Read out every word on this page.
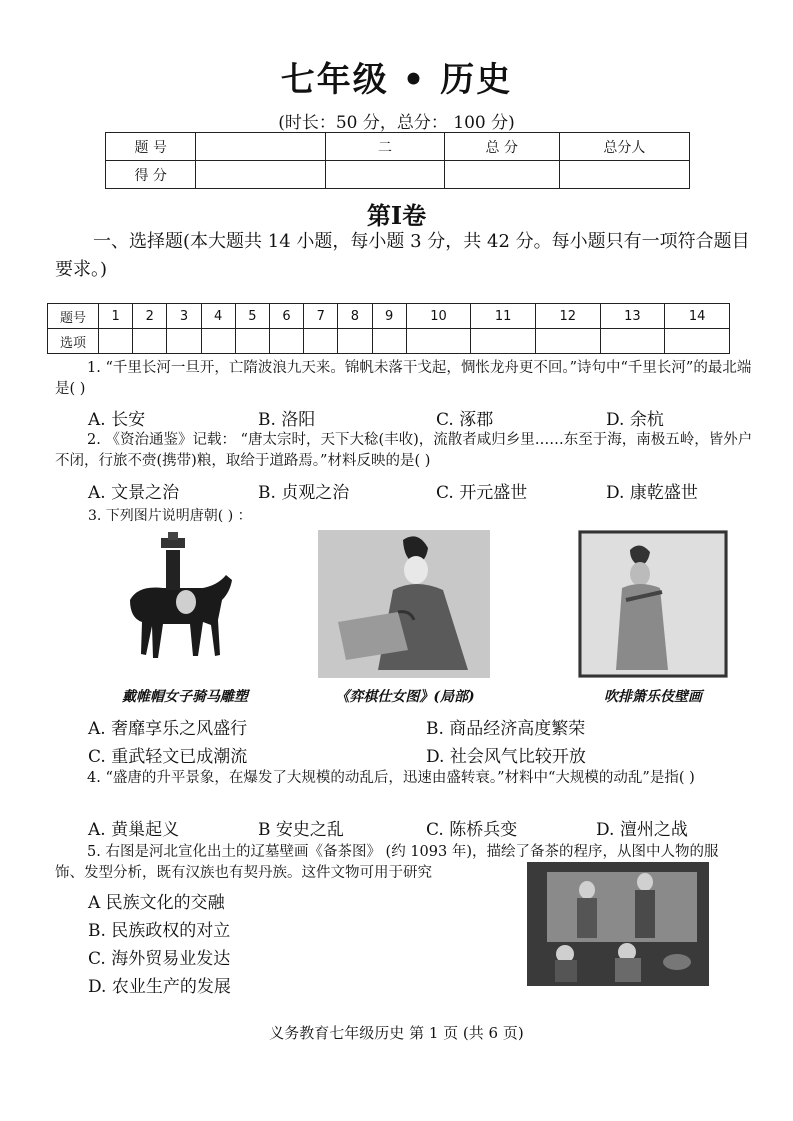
七年级 • 历史
(时长：50 分，总分： 100 分)
题 号		二	总 分	总分人
得 分				
第Ⅰ卷
一、选择题(本大题共 14 小题，每小题 3 分，共 42 分。每小题只有一项符合题目要求。)
题号	1	2	3	4	5	6	7	8	9	10	11	12	13	14
选项														
1. “千里长河一旦开，亡隋波浪九天来。锦帆未落干戈起，惆怅龙舟更不回。”诗句中“千里长河”的最北端是( )
A. 长安	B. 洛阳	C. 涿郡	D. 余杭
2. 《资治通鉴》记载： “唐太宗时，天下大稔(丰收)，流散者咸归乡里……东至于海，南极五岭，皆外户不闭，行旅不赍(携带)粮，取给于道路焉。”材料反映的是( )
A. 文景之治	B. 贞观之治	C. 开元盛世	D. 康乾盛世
3. 下列图片说明唐朝( ) ：
戴帷帽女子骑马雕塑	《弈棋仕女图》(局部)	吹排箫乐伎壁画
A. 奢靡享乐之风盛行	B. 商品经济高度繁荣
C. 重武轻文已成潮流	D. 社会风气比较开放
4. “盛唐的升平景象，在爆发了大规模的动乱后，迅速由盛转衰。”材料中“大规模的动乱”是指( )
A. 黄巢起义	B 安史之乱	C. 陈桥兵变	D. 澶州之战
5. 右图是河北宣化出土的辽墓壁画《备茶图》 (约 1093 年)，描绘了备茶的程序，从图中人物的服饰、发型分析，既有汉族也有契丹族。这件文物可用于研究
A 民族文化的交融
B. 民族政权的对立
C. 海外贸易业发达
D. 农业生产的发展
义务教育七年级历史 第 1 页 (共 6 页)
